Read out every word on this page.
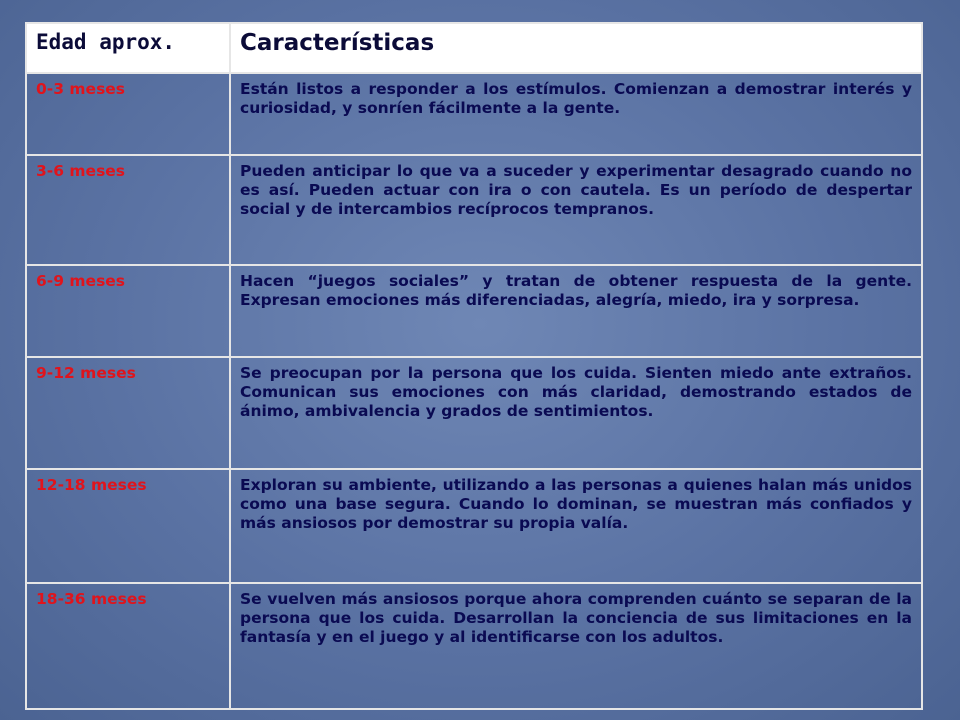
Edad aprox.	Características
0-3 meses	Están listos a responder a los estímulos. Comienzan a demostrar interés y curiosidad, y sonríen fácilmente a la gente.
3-6 meses	Pueden anticipar lo que va a suceder y experimentar desagrado cuando no es así. Pueden actuar con ira o con cautela. Es un período de despertar social y de intercambios recíprocos tempranos.
6-9 meses	Hacen “juegos sociales” y tratan de obtener respuesta de la gente. Expresan emociones más diferenciadas, alegría, miedo, ira y sorpresa.
9-12 meses	Se preocupan por la persona que los cuida. Sienten miedo ante extraños. Comunican sus emociones con más claridad, demostrando estados de ánimo, ambivalencia y grados de sentimientos.
12-18 meses	Exploran su ambiente, utilizando a las personas a quienes halan más unidos como una base segura. Cuando lo dominan, se muestran más confiados y más ansiosos por demostrar su propia valía.
18-36 meses	Se vuelven más ansiosos porque ahora comprenden cuánto se separan de la persona que los cuida. Desarrollan la conciencia de sus limitaciones en la fantasía y en el juego y al identificarse con los adultos.
